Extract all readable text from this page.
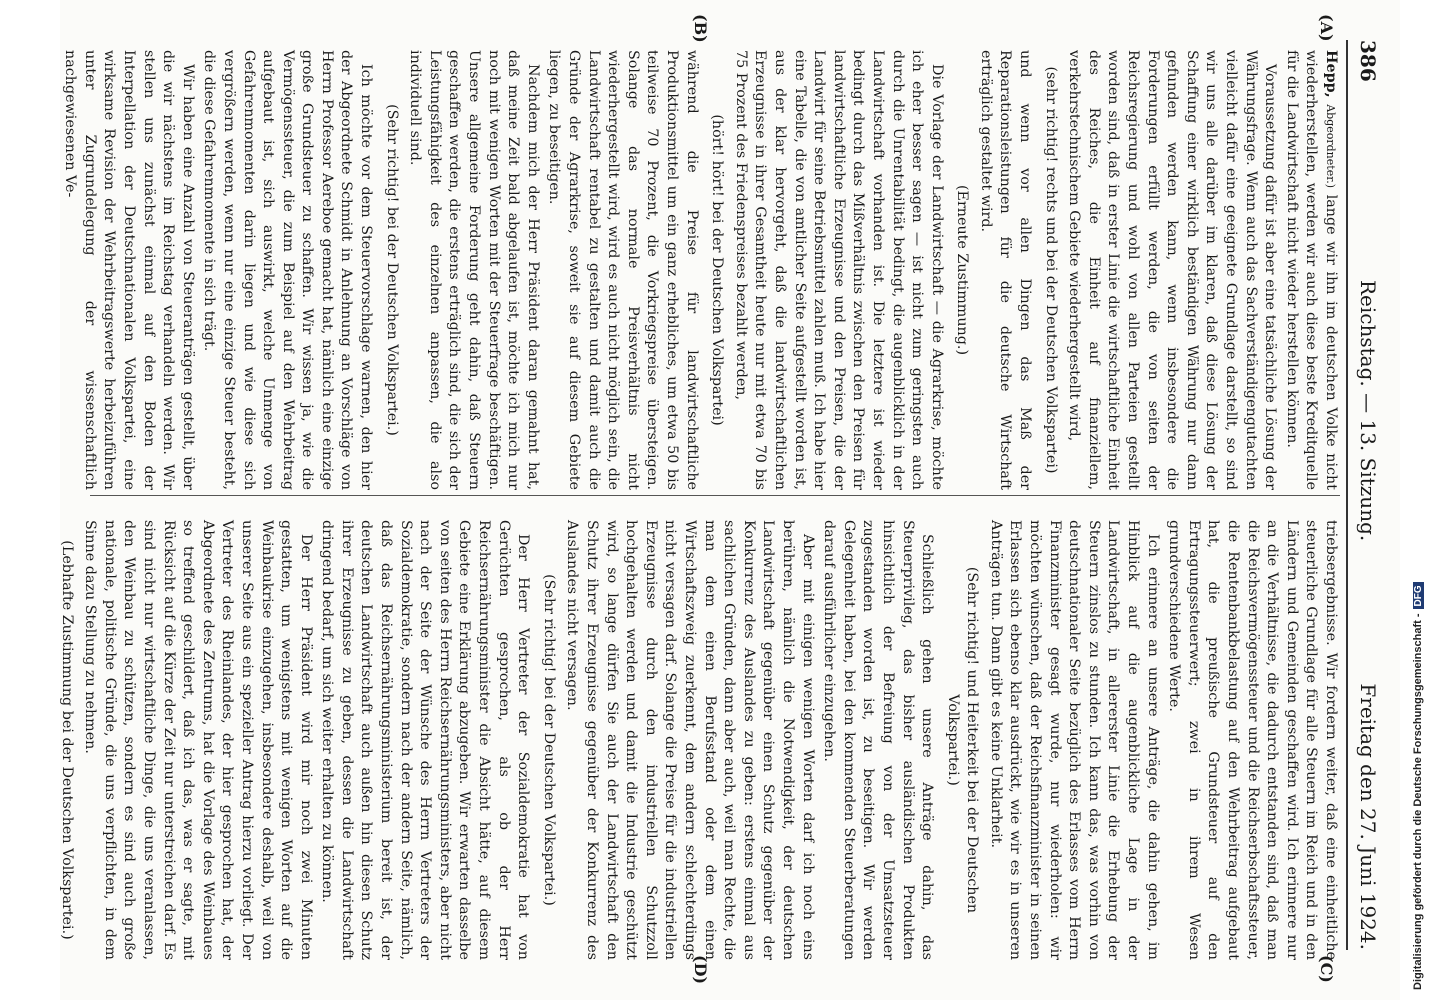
386
Reichstag. — 13. Sitzung.
Freitag den 27. Juni 1924.
(A)
(B)
(C)
(D)

Hepp, Abgeordneter.) lange wir ihn im deutschen Volke nicht wiederherstellen, werden wir auch diese beste Kreditquelle für die Landwirtschaft nicht wieder herstellen können.

Voraussetzung dafür ist aber eine tatsächliche Lösung der Währungsfrage. Wenn auch das Sachverständigengutachten vielleicht dafür eine geeignete Grundlage darstellt, so sind wir uns alle darüber im klaren, daß diese Lösung der Schaffung einer wirklich beständigen Währung nur dann gefunden werden kann, wenn insbesondere die Forderungen erfüllt werden, die von seiten der Reichsregierung und wohl von allen Parteien gestellt worden sind, daß in erster Linie die wirtschaftliche Einheit des Reiches, die Einheit auf finanziellem, verkehrstechnischem Gebiete wiederhergestellt wird,

(sehr richtig! rechts und bei der Deutschen Volkspartei)

und wenn vor allen Dingen das Maß der Reparationsleistungen für die deutsche Wirtschaft erträglich gestaltet wird.

(Erneute Zustimmung.)

Die Vorlage der Landwirtschaft — die Agrarkrise, möchte ich eher besser sagen — ist nicht zum geringsten auch durch die Unrentabilität bedingt, die augenblicklich in der Landwirtschaft vorhanden ist. Die letztere ist wieder bedingt durch das Mißverhältnis zwischen den Preisen für landwirtschaftliche Erzeugnisse und den Preisen, die der Landwirt für seine Betriebsmittel zahlen muß. Ich habe hier eine Tabelle, die von amtlicher Seite aufgestellt worden ist, aus der klar hervorgeht, daß die landwirtschaftlichen Erzeugnisse in ihrer Gesamtheit heute nur mit etwa 70 bis 75 Prozent des Friedenspreises bezahlt werden,

(hört! hört! bei der Deutschen Volkspartei)

während die Preise für landwirtschaftliche Produktionsmittel um ein ganz erhebliches, um etwa 50 bis teilweise 70 Prozent, die Vorkriegspreise übersteigen. Solange das normale Preisverhältnis nicht wiederhergestellt wird, wird es auch nicht möglich sein, die Landwirtschaft rentabel zu gestalten und damit auch die Gründe der Agrarkrise, soweit sie auf diesem Gebiete liegen, zu beseitigen.

Nachdem mich der Herr Präsident daran gemahnt hat, daß meine Zeit bald abgelaufen ist, möchte ich mich nur noch mit wenigen Worten mit der Steuerfrage beschäftigen. Unsere allgemeine Forderung geht dahin, daß Steuern geschaffen werden, die erstens erträglich sind, die sich der Leistungsfähigkeit des einzelnen anpassen, die also individuell sind.

(Sehr richtig! bei der Deutschen Volkspartei.)

Ich möchte vor dem Steuervorschlage warnen, den hier der Abgeordnete Schmidt in Anlehnung an Vorschläge von Herrn Professor Aereboe gemacht hat, nämlich eine einzige große Grundsteuer zu schaffen. Wir wissen ja, wie die Vermögenssteuer, die zum Beispiel auf den Wehrbeitrag aufgebaut ist, sich auswirkt, welche Unmenge von Gefahrenmomenten darin liegen und wie diese sich vergrößern werden, wenn nur eine einzige Steuer besteht, die diese Gefahrenmomente in sich trägt.

Wir haben eine Anzahl von Steueranträgen gestellt, über die wir nächstens im Reichstag verhandeln werden. Wir stellen uns zunächst einmal auf den Boden der Interpellation der Deutschnationalen Volkspartei, eine wirksame Revision der Wehrbeitragswerte herbeizuführen unter Zugrundelegung der wissenschaftlich nachgewiesenen Ve-

triebsergebnisse. Wir fordern weiter, daß eine einheitliche steuerliche Grundlage für alle Steuern im Reich und in den Ländern und Gemeinden geschaffen wird. Ich erinnere nur an die Verhältnisse, die dadurch entstanden sind, daß man die Reichsvermögenssteuer und die Reichserbschaftssteuer, die Rentenbankbelastung auf den Wehrbeitrag aufgebaut hat, die preußische Grundsteuer auf den Ertragungssteuerwert; zwei in ihrem Wesen grundverschiedene Werte.

Ich erinnere an unsere Anträge, die dahin gehen, im Hinblick auf die augenblickliche Lage in der Landwirtschaft, in allererster Linie die Erhebung der Steuern zinslos zu stunden. Ich kann das, was vorhin von deutschnationaler Seite bezüglich des Erlasses vom Herrn Finanzminister gesagt wurde, nur wiederholen: wir möchten wünschen, daß der Reichsfinanzminister in seinen Erlassen sich ebenso klar ausdrückt, wie wir es in unseren Anträgen tun. Dann gibt es keine Unklarheit.

(Sehr richtig! und Heiterkeit bei der Deutschen Volkspartei.)

Schließlich gehen unsere Anträge dahin, das Steuerprivileg, das bisher ausländischen Produkten hinsichtlich der Befreiung von der Umsatzsteuer zugestanden worden ist, zu beseitigen. Wir werden Gelegenheit haben, bei den kommenden Steuerberatungen darauf ausführlicher einzugehen.

Aber mit einigen wenigen Worten darf ich noch eins berühren, nämlich die Notwendigkeit, der deutschen Landwirtschaft gegenüber einen Schutz gegenüber der Konkurrenz des Auslandes zu geben: erstens einmal aus sachlichen Gründen, dann aber auch, weil man Rechte, die man dem einen Berufsstand oder dem einen Wirtschaftszweig zuerkennt, dem andern schlechterdings nicht versagen darf. Solange die Preise für die industriellen Erzeugnisse durch den industriellen Schutzzoll hochgehalten werden und damit die Industrie geschützt wird, so lange dürfen Sie auch der Landwirtschaft den Schutz ihrer Erzeugnisse gegenüber der Konkurrenz des Auslandes nicht versagen.

(Sehr richtig! bei der Deutschen Volkspartei.)

Der Herr Vertreter der Sozialdemokratie hat von Gerüchten gesprochen, als ob der Herr Reichsernährungsminister die Absicht hätte, auf diesem Gebiete eine Erklärung abzugeben. Wir erwarten dasselbe von seiten des Herrn Reichsernährungsministers, aber nicht nach der Seite der Wünsche des Herrn Vertreters der Sozialdemokratie, sondern nach der andern Seite, nämlich, daß das Reichsernährungsministerium bereit ist, der deutschen Landwirtschaft auch außen hin diesen Schutz ihrer Erzeugnisse zu geben, dessen die Landwirtschaft dringend bedarf, um sich weiter erhalten zu können.

Der Herr Präsident wird mir noch zwei Minuten gestatten, um wenigstens mit wenigen Worten auf die Weinbaukrise einzugehen, insbesondere deshalb, weil von unserer Seite aus ein spezieller Antrag hierzu vorliegt. Der Vertreter des Rheinlandes, der hier gesprochen hat, der Abgeordnete des Zentrums, hat die Vorlage des Weinbaues so treffend geschildert, daß ich das, was er sagte, mit Rücksicht auf die Kürze der Zeit nur unterstreichen darf. Es sind nicht nur wirtschaftliche Dinge, die uns veranlassen, den Weinbau zu schützen, sondern es sind auch große nationale, politische Gründe, die uns verpflichten, in dem Sinne dazu Stellung zu nehmen.

(Lebhafte Zustimmung bei der Deutschen Volkspartei.)	Digitalisierung gefördert durch die Deutsche Forschungsgemeinschaft -DFG
